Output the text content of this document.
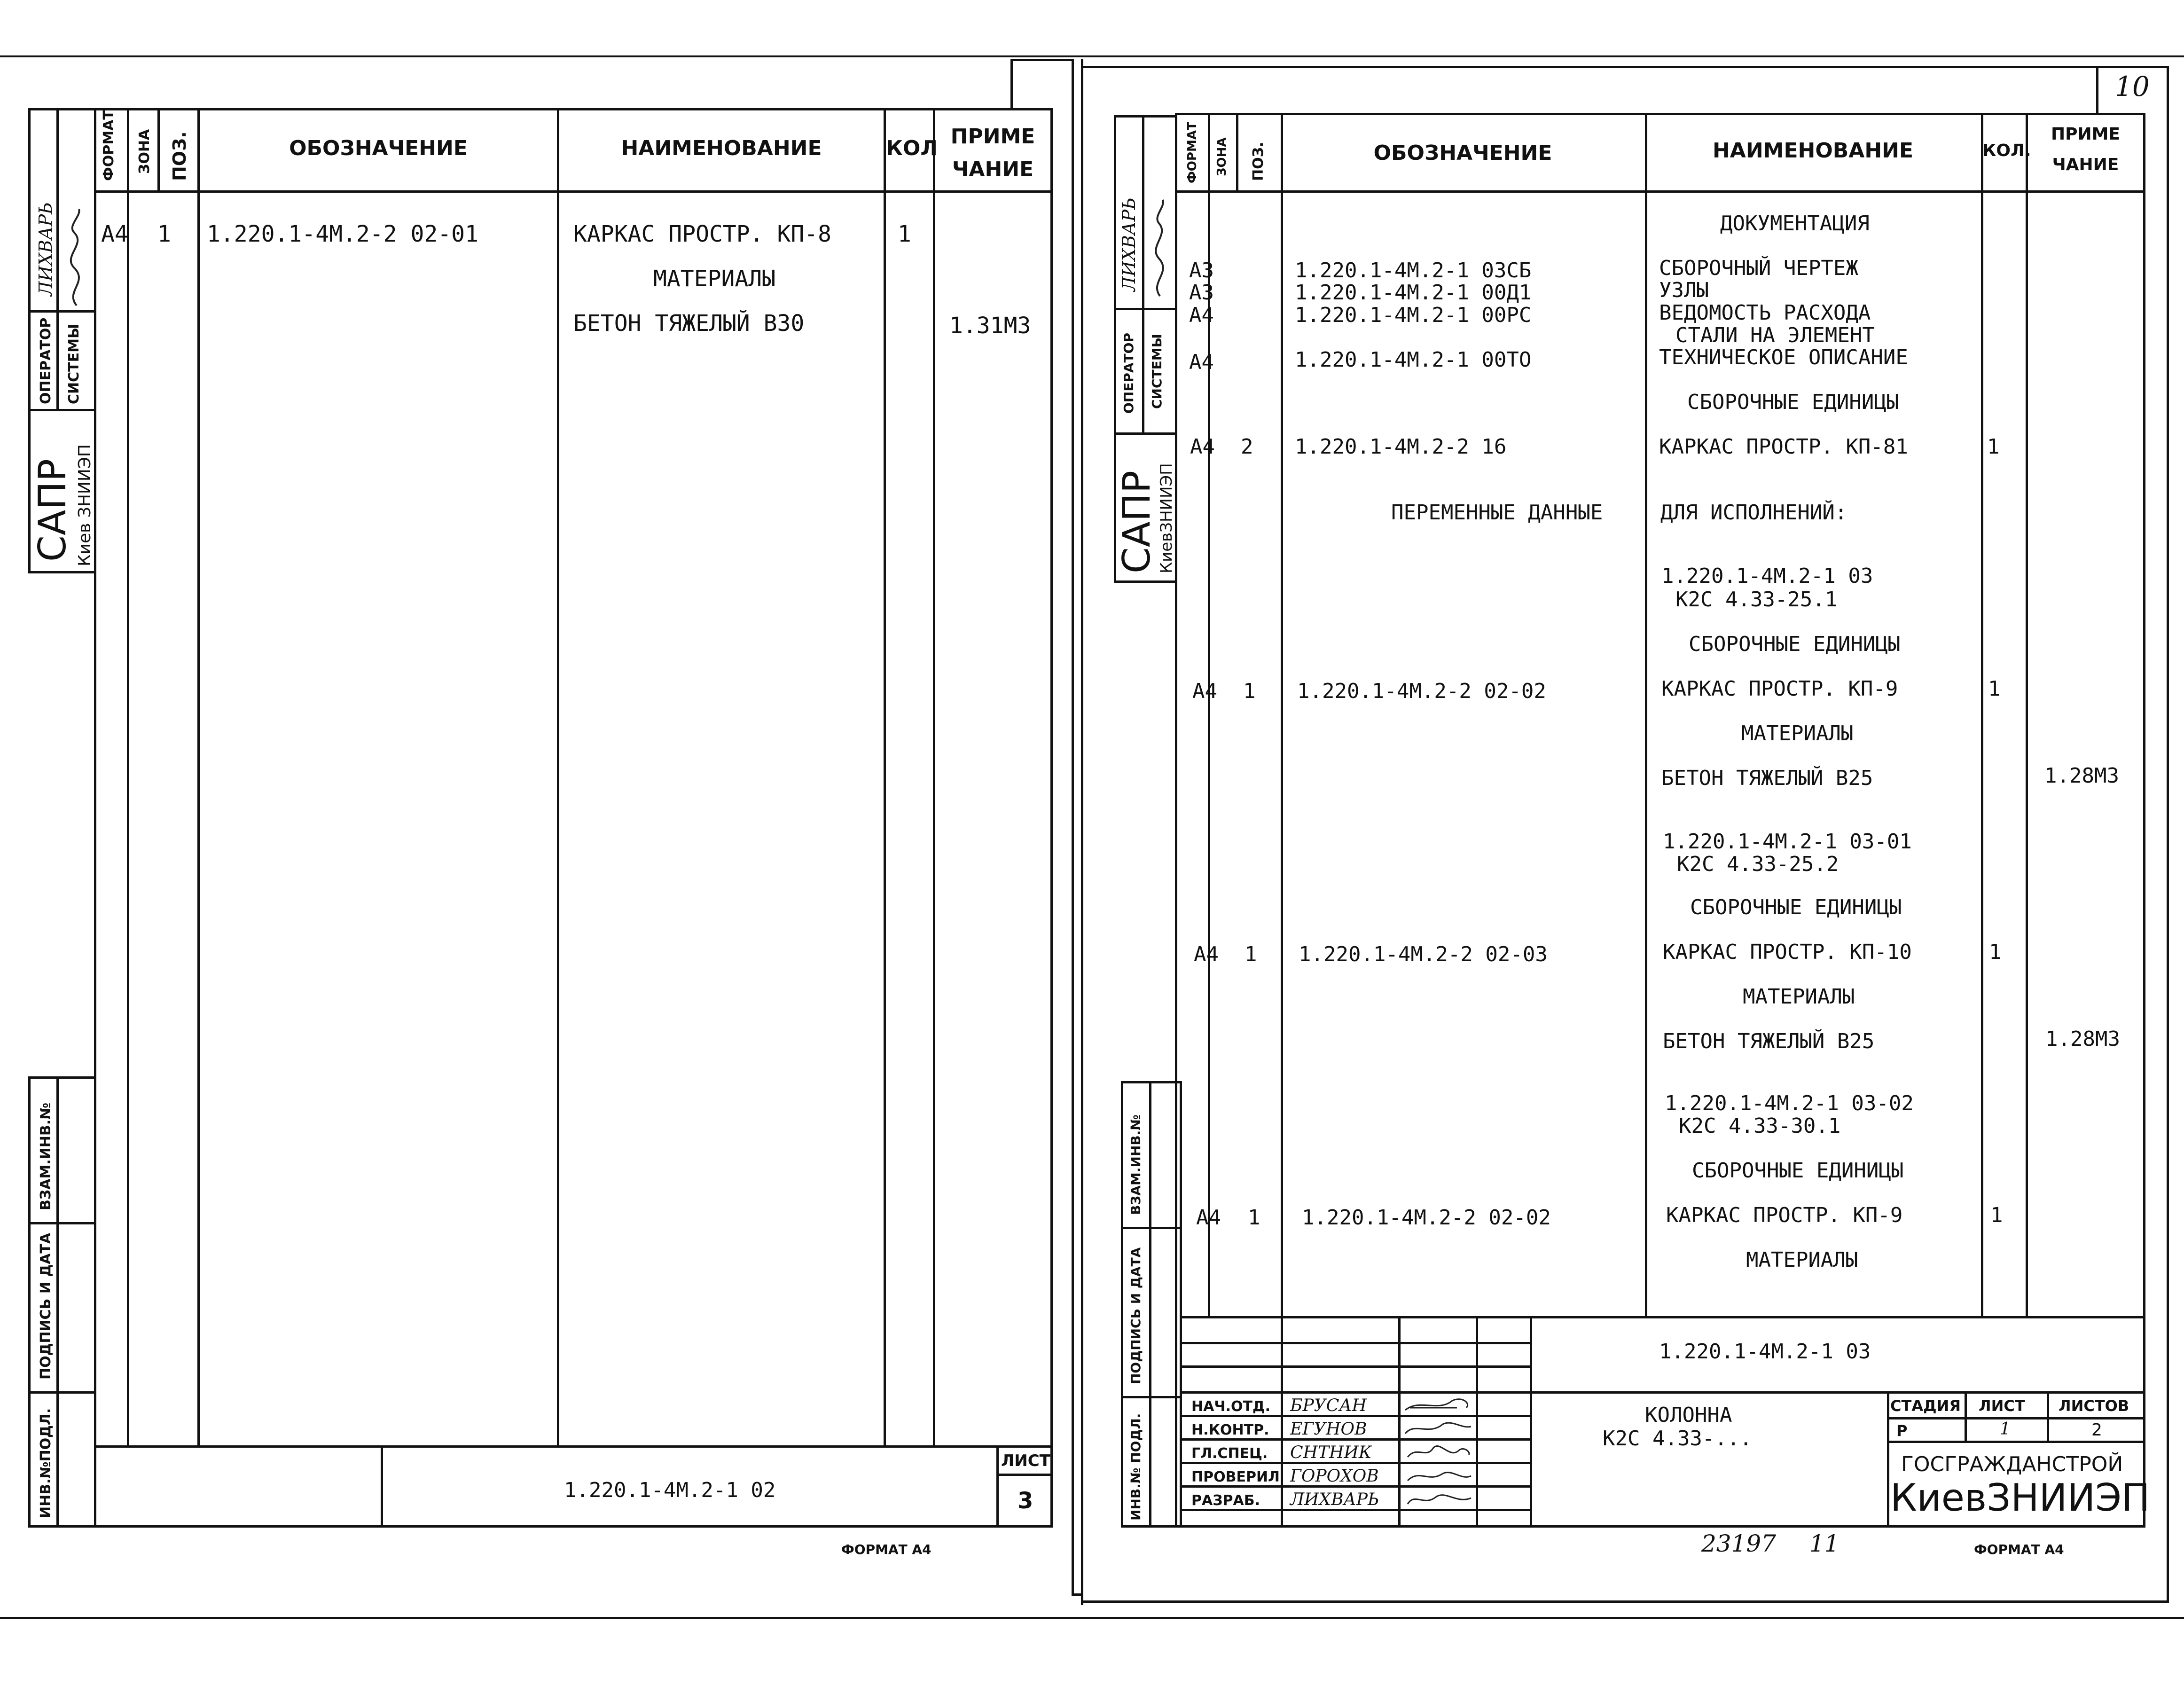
ФОРМАТ ЗОНА ПОЗ.	ОБОЗНАЧЕНИЕ	НАИМЕНОВАНИЕ	КОЛ ПРИМЕ
ЧАНИЕ
А4 1 1.220.1-4М.2-2 02-01	КАРКАС ПРОСТР. КП-8	1
МАТЕРИАЛЫ
БЕТОН ТЯЖЕЛЫЙ В30	1.31М3
1.220.1-4М.2-1 02
ЛИСТ
3
ФОРМАТ А4
ЛИХВАРЬ
ОПЕРАТОР СИСТЕМЫ
САПР Киев ЗНИИЭП
ВЗАМ.ИНВ.№
ПОДПИСЬ И ДАТА
ИНВ.№ПОДЛ.
10
ФОРМАТ ЗОНА ПОЗ.	ОБОЗНАЧЕНИЕ	НАИМЕНОВАНИЕ	КОЛ.
ПРИМЕ
ЧАНИЕ
ДОКУМЕНТАЦИЯ
А3	1.220.1-4М.2-1 03СБ	СБОРОЧНЫЙ ЧЕРТЕЖ
А3	1.220.1-4М.2-1 00Д1	УЗЛЫ
А4	1.220.1-4М.2-1 00РС	ВЕДОМОСТЬ РАСХОДА
СТАЛИ НА ЭЛЕМЕНТ
А4	1.220.1-4М.2-1 00ТО	ТЕХНИЧЕСКОЕ ОПИСАНИЕ
СБОРОЧНЫЕ ЕДИНИЦЫ
А4 2 1.220.1-4М.2-2 16	КАРКАС ПРОСТР. КП-81	1
ПЕРЕМЕННЫЕ ДАННЫЕ	ДЛЯ ИСПОЛНЕНИЙ:
1.220.1-4М.2-1 03
К2С 4.33-25.1
СБОРОЧНЫЕ ЕДИНИЦЫ
А4 1 1.220.1-4М.2-2 02-02	КАРКАС ПРОСТР. КП-9	1
МАТЕРИАЛЫ
БЕТОН ТЯЖЕЛЫЙ В25	1.28М3
1.220.1-4М.2-1 03-01
К2С 4.33-25.2
СБОРОЧНЫЕ ЕДИНИЦЫ
А4 1 1.220.1-4М.2-2 02-03	КАРКАС ПРОСТР. КП-10	1
МАТЕРИАЛЫ
БЕТОН ТЯЖЕЛЫЙ В25	1.28М3
1.220.1-4М.2-1 03-02
К2С 4.33-30.1
СБОРОЧНЫЕ ЕДИНИЦЫ
А4 1 1.220.1-4М.2-2 02-02	КАРКАС ПРОСТР. КП-9	1
МАТЕРИАЛЫ
1.220.1-4М.2-1 03
НАЧ.ОТД. БРУСАН
Н.КОНТР. ЕГУНОВ
ГЛ.СПЕЦ. СНТНИК
ПРОВЕРИЛ ГОРОХОВ
РАЗРАБ. ЛИХВАРЬ
КОЛОННА
К2С 4.33-...
СТАДИЯ ЛИСТ ЛИСТОВ
Р	1	2
ГОСГРАЖДАНСТРОЙ
КиевЗНИИЭП
23197 11	ФОРМАТ А4
ЛИХВАРЬ
ОПЕРАТОР СИСТЕМЫ
САПР
КиевЗНИИЭП
ВЗАМ.ИНВ.№
ПОДПИСЬ И ДАТА
ИНВ.№ ПОДЛ.
